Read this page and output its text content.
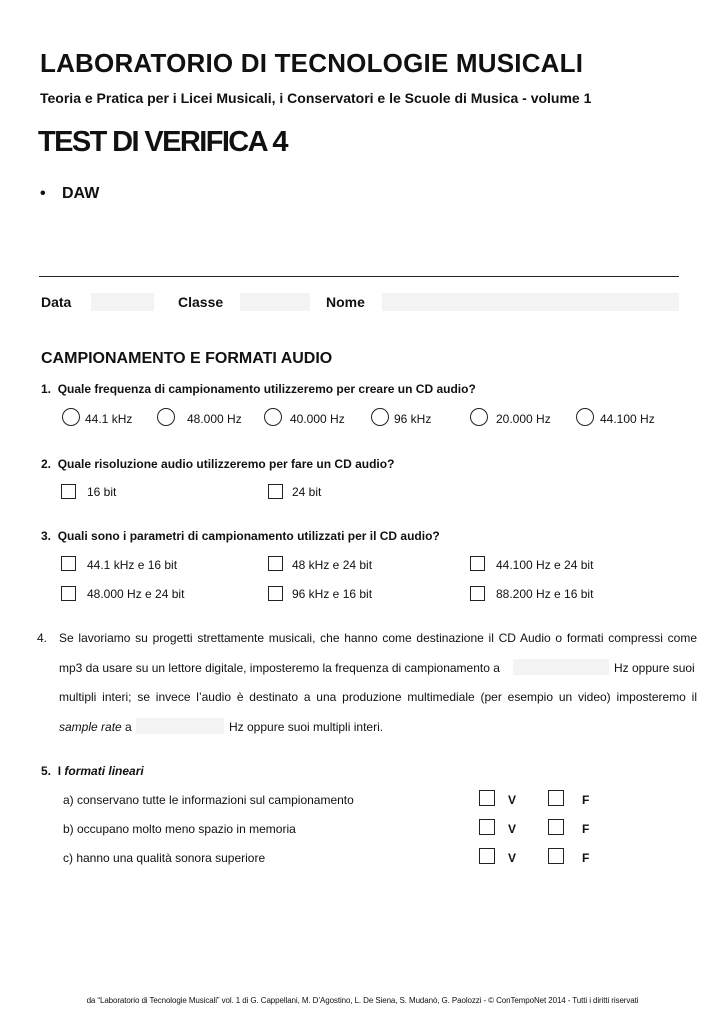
LABORATORIO DI TECNOLOGIE MUSICALI
Teoria e Pratica per i Licei Musicali, i Conservatori e le Scuole di Musica - volume 1
TEST DI VERIFICA 4
• DAW
Data	Classe	Nome
CAMPIONAMENTO E FORMATI AUDIO
1. Quale frequenza di campionamento utilizzeremo per creare un CD audio?
44.1 kHz	48.000 Hz	40.000 Hz	96 kHz	20.000 Hz	44.100 Hz
2. Quale risoluzione audio utilizzeremo per fare un CD audio?
16 bit	24 bit
3. Quali sono i parametri di campionamento utilizzati per il CD audio?
44.1 kHz e 16 bit	48 kHz e 24 bit	44.100 Hz e 24 bit
48.000 Hz e 24 bit	96 kHz e 16 bit	88.200 Hz e 16 bit
4. Se lavoriamo su progetti strettamente musicali, che hanno come destinazione il CD Audio o formati compressi come
mp3 da usare su un lettore digitale, imposteremo la frequenza di campionamento a	Hz oppure suoi
multipli interi; se invece l’audio è destinato a una produzione multimediale (per esempio un video) imposteremo il
sample rate a	Hz oppure suoi multipli interi.
5. I formati lineari
a) conservano tutte le informazioni sul campionamento	V	F
b) occupano molto meno spazio in memoria	V	F
c) hanno una qualità sonora superiore	V	F
da “Laboratorio di Tecnologie Musicali” vol. 1 di G. Cappellani, M. D’Agostino, L. De Siena, S. Mudanò, G. Paolozzi - © ConTempoNet 2014 - Tutti i diritti riservati
